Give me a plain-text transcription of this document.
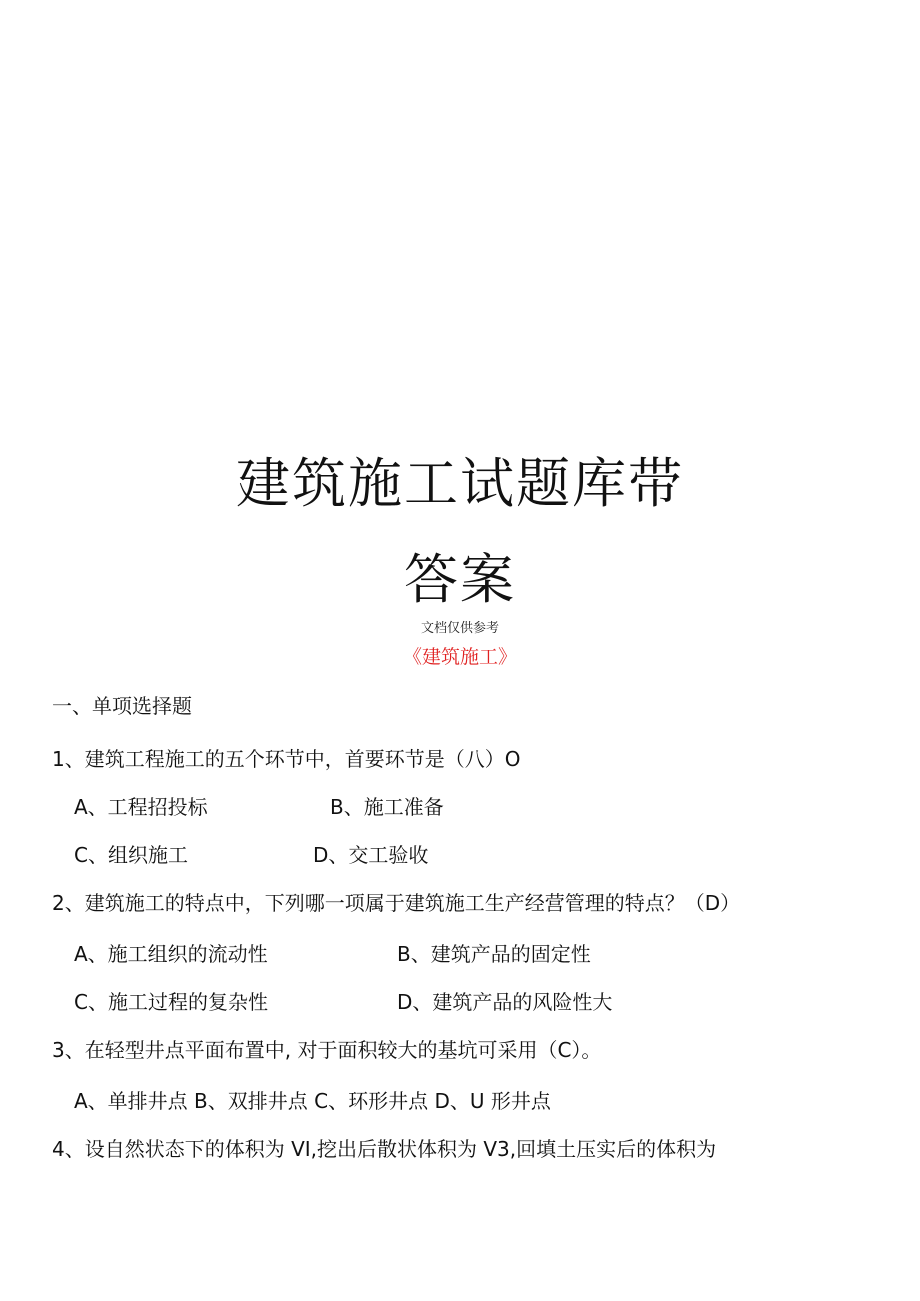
建筑施工试题库带
答案
文档仅供参考
《建筑施工》
一、单项选择题
1、建筑工程施工的五个环节中，首要环节是（八）O
A、工程招投标	B、施工准备
C、组织施工	D、交工验收
2、建筑施工的特点中，下列哪一项属于建筑施工生产经营管理的特点？（D）
A、施工组织的流动性	B、建筑产品的固定性
C、施工过程的复杂性	D、建筑产品的风险性大
3、在轻型井点平面布置中, 对于面积较大的基坑可采用（C）。
A、单排井点 B、双排井点 C、环形井点 D、U 形井点
4、设自然状态下的体积为 VI,挖出后散状体积为 V3,回填土压实后的体积为
